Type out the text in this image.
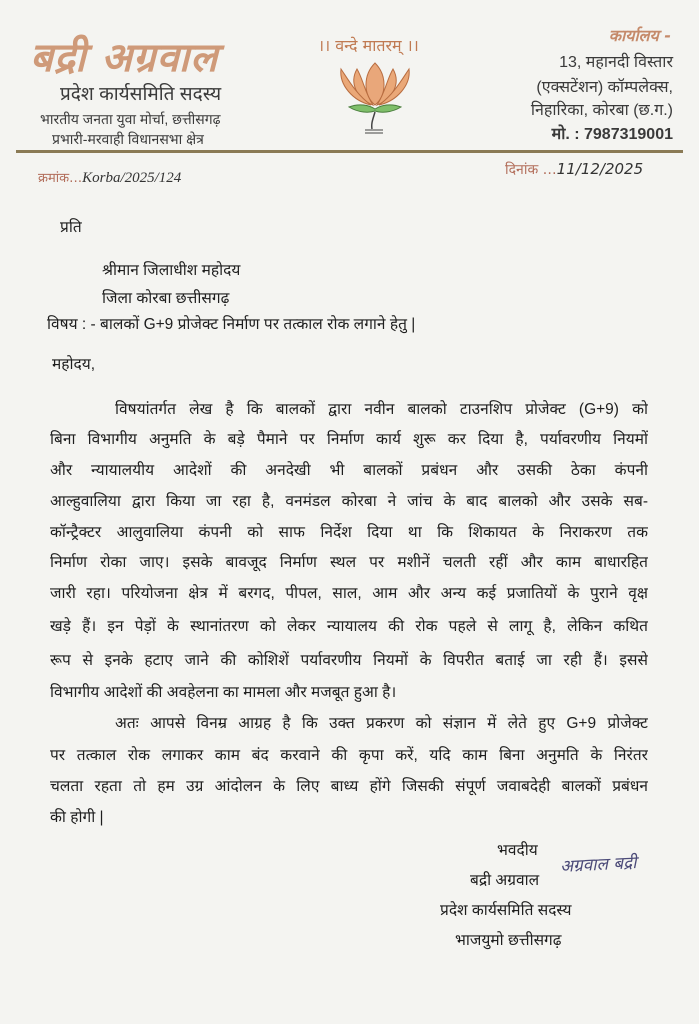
बद्री अग्रवाल
प्रदेश कार्यसमिति सदस्य
भारतीय जनता युवा मोर्चा, छत्तीसगढ़
प्रभारी-मरवाही विधानसभा क्षेत्र
।। वन्दे मातरम् ।।
कार्यालय -
13, महानदी विस्तार
(एक्सटेंशन) कॉम्पलेक्स,
निहारिका, कोरबा (छ.ग.)
मो. : 7987319001
क्रमांक…Korba/2025/124	दिनांक …11/12/2025
प्रति
श्रीमान जिलाधीश महोदय
जिला कोरबा छत्तीसगढ़
विषय : - बालकों G+9 प्रोजेक्ट निर्माण पर तत्काल रोक लगाने हेतु |
महोदय,
विषयांतर्गत लेख है कि बालकों द्वारा नवीन बालको टाउनशिप प्रोजेक्ट (G+9) को
बिना विभागीय अनुमति के बड़े पैमाने पर निर्माण कार्य शुरू कर दिया है, पर्यावरणीय नियमों
और न्यायालयीय आदेशों की अनदेखी भी बालकों प्रबंधन और उसकी ठेका कंपनी
आल्हुवालिया द्वारा किया जा रहा है, वनमंडल कोरबा ने जांच के बाद बालको और उसके सब-
कॉन्ट्रैक्टर आलुवालिया कंपनी को साफ निर्देश दिया था कि शिकायत के निराकरण तक
निर्माण रोका जाए। इसके बावजूद निर्माण स्थल पर मशीनें चलती रहीं और काम बाधारहित
जारी रहा। परियोजना क्षेत्र में बरगद, पीपल, साल, आम और अन्य कई प्रजातियों के पुराने वृक्ष
खड़े हैं। इन पेड़ों के स्थानांतरण को लेकर न्यायालय की रोक पहले से लागू है, लेकिन कथित
रूप से इनके हटाए जाने की कोशिशें पर्यावरणीय नियमों के विपरीत बताई जा रही हैं। इससे
विभागीय आदेशों की अवहेलना का मामला और मजबूत हुआ है।
अतः आपसे विनम्र आग्रह है कि उक्त प्रकरण को संज्ञान में लेते हुए G+9 प्रोजेक्ट
पर तत्काल रोक लगाकर काम बंद करवाने की कृपा करें, यदि काम बिना अनुमति के निरंतर
चलता रहता तो हम उग्र आंदोलन के लिए बाध्य होंगे जिसकी संपूर्ण जवाबदेही बालकों प्रबंधन
की होगी |
भवदीय
अग्रवाल बद्री
बद्री अग्रवाल
प्रदेश कार्यसमिति सदस्य
भाजयुमो छत्तीसगढ़
